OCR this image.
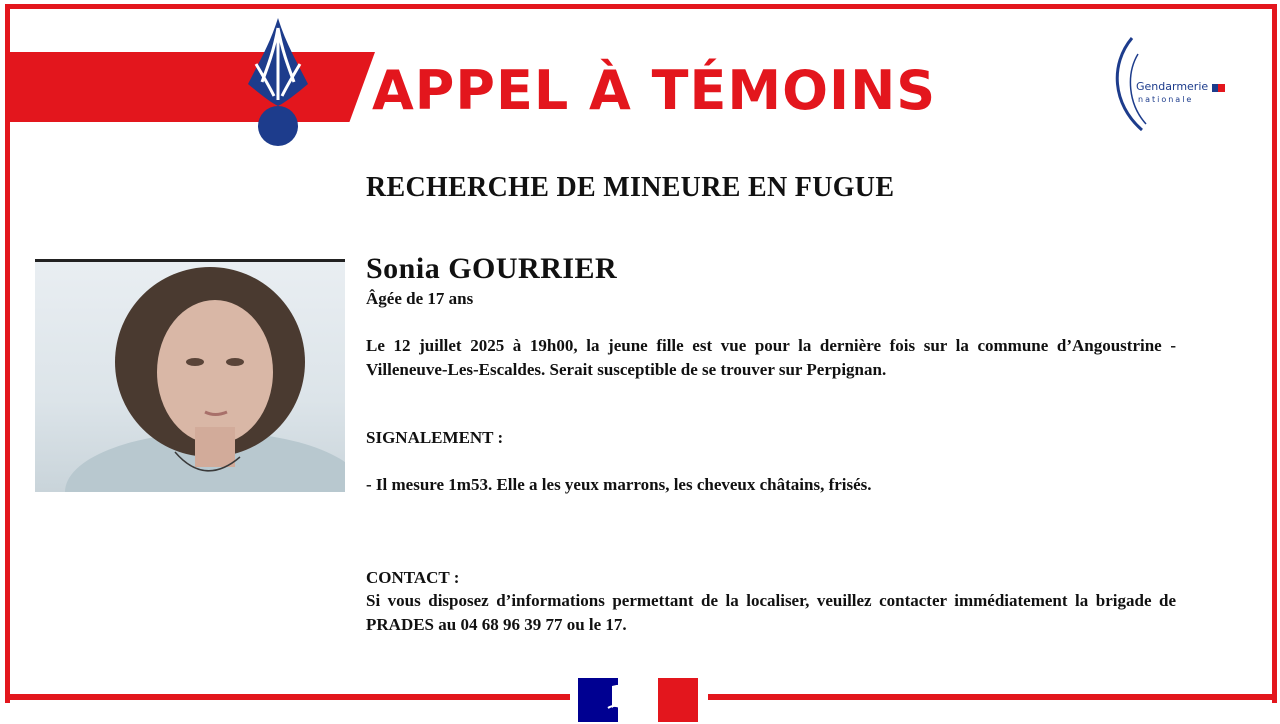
APPEL À TÉMOINS	Gendarmerie
nationale
RECHERCHE DE MINEURE EN FUGUE
Sonia GOURRIER
Âgée de 17 ans
Le 12 juillet 2025 à 19h00, la jeune fille est vue pour la dernière fois sur la commune d’Angoustrine - Villeneuve-Les-Escaldes. Serait susceptible de se trouver sur Perpignan.
SIGNALEMENT :
- Il mesure 1m53. Elle a les yeux marrons, les cheveux châtains, frisés.
CONTACT :
Si vous disposez d’informations permettant de la localiser, veuillez contacter immédiatement la brigade de PRADES au 04 68 96 39 77 ou le 17.
